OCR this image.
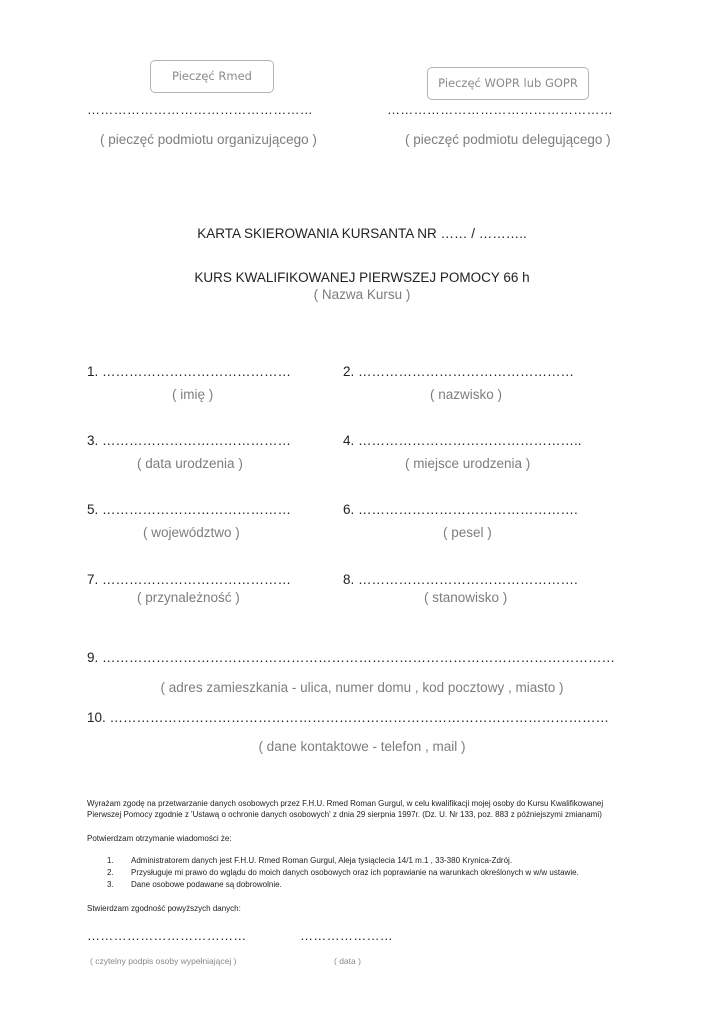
Pieczęć Rmed	Pieczęć WOPR lub GOPR
……………………………………………	……………………………………………
( pieczęć podmiotu organizującego )	( pieczęć podmiotu delegującego )
KARTA SKIEROWANIA KURSANTA NR …… / ………..
KURS KWALIFIKOWANEJ PIERWSZEJ POMOCY 66 h
( Nazwa Kursu )
1. ……………………………………
( imię )
2. …………………………………………
( nazwisko )
3. ……………………………………
( data urodzenia )
4. …………………………………………..
( miejsce urodzenia )
5. ……………………………………
( województwo )
6. ………………………………………….
( pesel )
7. ……………………………………
( przynależność )
8. ………………………………………….
( stanowisko )
9. ……………………………………………………………………………………………………
( adres zamieszkania - ulica, numer domu , kod pocztowy , miasto )
10. …………………………………………………………………………………………………
( dane kontaktowe - telefon , mail )
Wyrażam zgodę na przetwarzanie danych osobowych przez F.H.U. Rmed Roman Gurgul, w celu kwalifikacji mojej osoby do Kursu Kwalifikowanej
Pierwszej Pomocy zgodnie z 'Ustawą o ochronie danych osobowych' z dnia 29 sierpnia 1997r. (Dz. U. Nr 133, poz. 883 z późniejszymi zmianami)
Potwierdzam otrzymanie wiadomości że:
1. Administratorem danych jest F.H.U. Rmed Roman Gurgul, Aleja tysiąclecia 14/1 m.1 , 33-380 Krynica-Zdrój.
2. Przysługuje mi prawo do wglądu do moich danych osobowych oraz ich poprawianie na warunkach określonych w w/w ustawie.
3. Dane osobowe podawane są dobrowolnie.
Stwierdzam zgodność powyższych danych:
………………………………	…………………
( czytelny podpis osoby wypełniającej )	( data )
